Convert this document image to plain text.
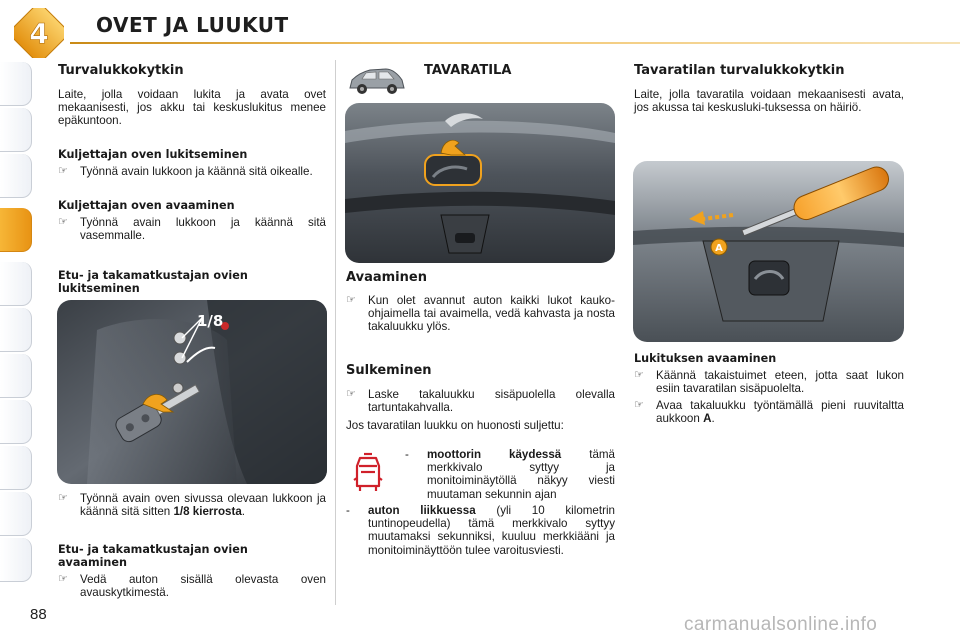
4 OVET JA LUUKUT
Turvalukkokytkin
Laite, jolla voidaan lukita ja avata ovet mekaanisesti, jos akku tai keskuslukitus menee epäkuntoon.
Kuljettajan oven lukitseminen
☞ Työnnä avain lukkoon ja käännä sitä oikealle.
Kuljettajan oven avaaminen
☞ Työnnä avain lukkoon ja käännä sitä vasemmalle.
Etu- ja takamatkustajan ovien lukitseminen
1/8
☞ Työnnä avain oven sivussa olevaan lukkoon ja käännä sitä sitten 1/8 kierrosta.
Etu- ja takamatkustajan ovien avaaminen
☞ Vedä auton sisällä olevasta oven avauskytkimestä.
TAVARATILA
Avaaminen
☞ Kun olet avannut auton kaikki lukot kauko-ohjaimella tai avaimella, vedä kahvasta ja nosta takaluukku ylös.
Sulkeminen
☞ Laske takaluukku sisäpuolella olevalla tartuntakahvalla.
Jos tavaratilan luukku on huonosti suljettu:
- moottorin käydessä tämä merkkivalo syttyy ja monitoiminäytöllä näkyy viesti muutaman sekunnin ajan
- auton liikkuessa (yli 10 kilometrin tuntinopeudella) tämä merkkivalo syttyy muutamaksi sekunniksi, kuuluu merkkiääni ja monitoiminäyttöön tulee varoitusviesti.
Tavaratilan turvalukkokytkin
Laite, jolla tavaratila voidaan mekaanisesti avata, jos akussa tai keskusluki-tuksessa on häiriö.
A
Lukituksen avaaminen
☞ Käännä takaistuimet eteen, jotta saat lukon esiin tavaratilan sisäpuolelta.
☞ Avaa takaluukku työntämällä pieni ruuvitaltta aukkoon A.
88	carmanualsonline.info
